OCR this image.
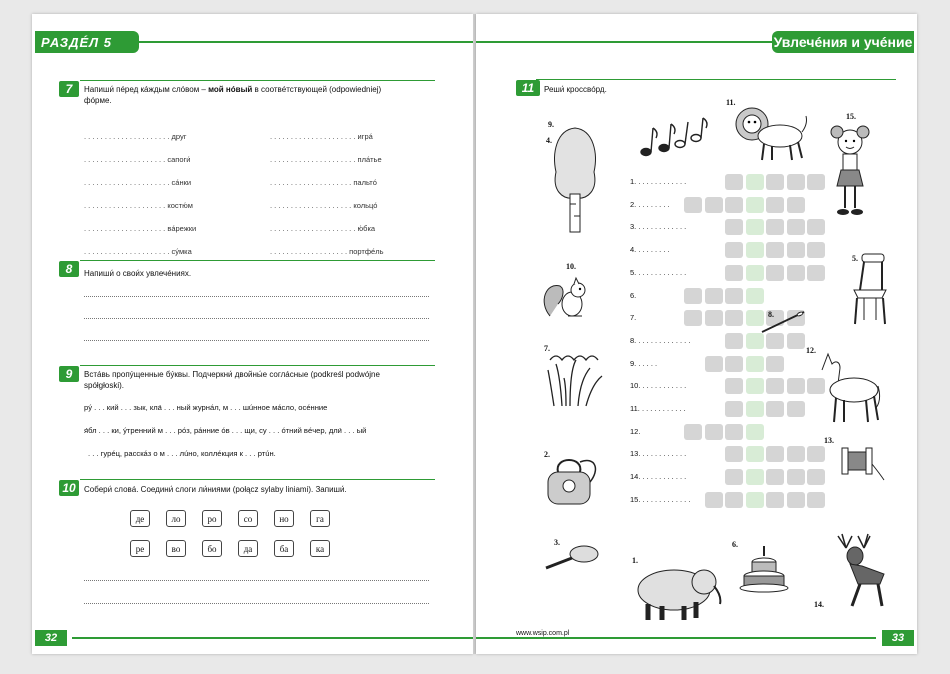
РАЗДÉЛ 5
7	Напиши́ пéред кáждым слóвом – мой нóвый в соотвéтствующей (odpowiedniej)
фóрме.
. . . . . . . . . . . . . . . . . . . . . друг
. . . . . . . . . . . . . . . . . . . . сапоги́
. . . . . . . . . . . . . . . . . . . . . сáнки
. . . . . . . . . . . . . . . . . . . . костю́м
. . . . . . . . . . . . . . . . . . . . вáрежки
. . . . . . . . . . . . . . . . . . . . . сýмка
. . . . . . . . . . . . . . . . . . . . . игрá
. . . . . . . . . . . . . . . . . . . . . плáтье
. . . . . . . . . . . . . . . . . . . . пальтó
. . . . . . . . . . . . . . . . . . . . кольцó
. . . . . . . . . . . . . . . . . . . . . ю́бка
. . . . . . . . . . . . . . . . . . . портфéль
8	Напиши́ о свои́х увлечéниях.
9	Встáвь пропýщенные бýквы. Подчеркни́ двойны́е соглáсные (podkreśl podwójne
spółgłoski).
рý . . . кий . . . зык, кла́ . . . ный журнáл, м . . . шúнное мáсло, осéнние
я́бл . . . ки, ýтренний м . . . рóз, рáнние óв . . . щи, су . . . óтний вéчер, дли́ . . . ый
. . . гурéц, расскáз о м . . . лúно, коллéкция к . . . ртúн.
10	Собери́ словá. Соедини́ слоги ли́ниями (połącz sylaby liniami). Запиши́.
де	ло	ро	со	но	га
ре	во	бо	да	ба	ка
32
Увлечéния и учéние
11	Реши́ кроссвóрд.
1. . . . . . . . . . . . .
2. . . . . . . . .
3. . . . . . . . . . . . .
4. . . . . . . . .
5. . . . . . . . . . . . .
6.
7.
8. . . . . . . . . . . . . .
9. . . . . .
10. . . . . . . . . . . .
11. . . . . . . . . . . .
12.
13. . . . . . . . . . . .
14. . . . . . . . . . . .
15. . . . . . . . . . . . .
9.
11.
15.
4.
10.
5.
8.
7.	12.
2.
13.
3.
1.
6.
14.
www.wsip.com.pl	33
